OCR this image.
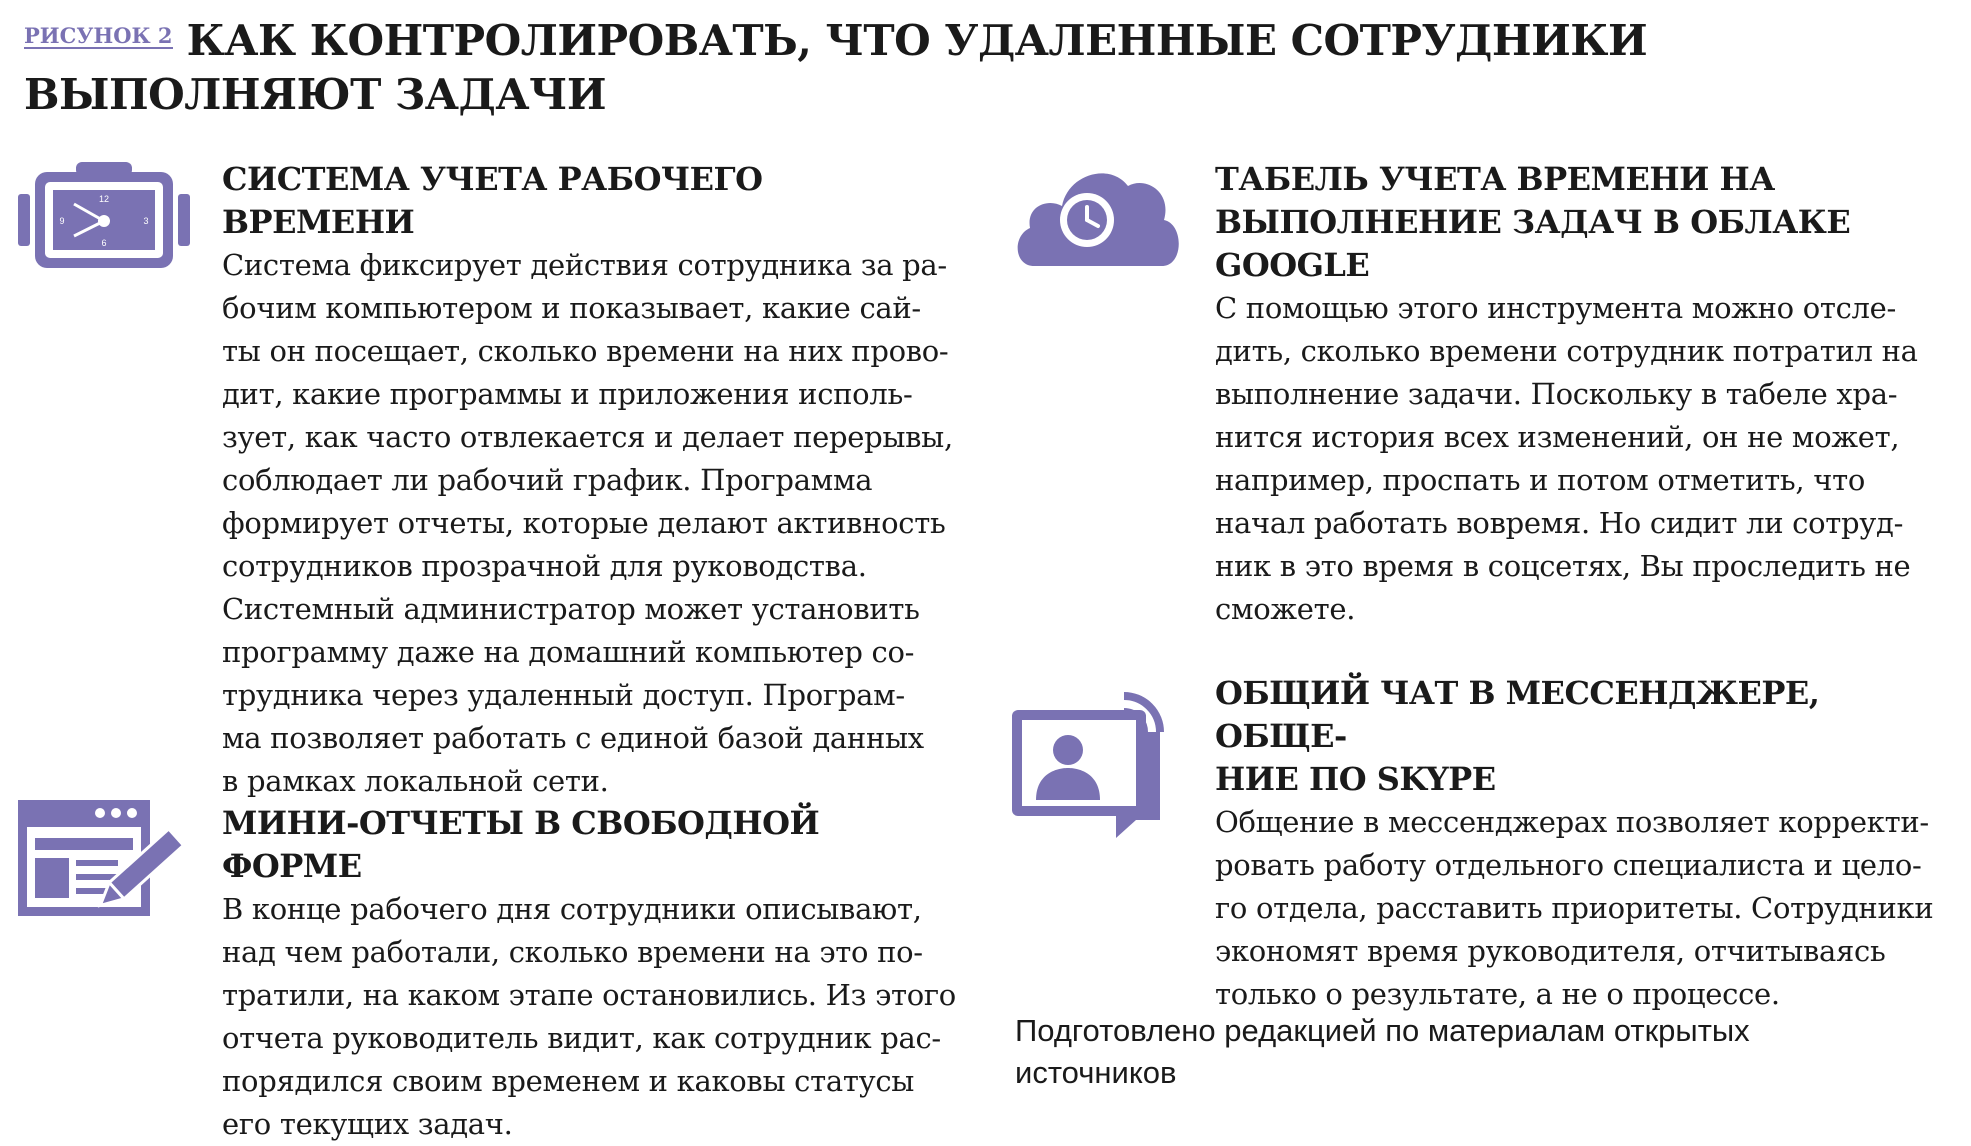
РИСУНОК 2 КАК КОНТРОЛИРОВАТЬ, ЧТО УДАЛЕННЫЕ СОТРУДНИКИ ВЫПОЛНЯЮТ ЗАДАЧИ
12
6
9	3
СИСТЕМА УЧЕТА РАБОЧЕГО ВРЕМЕНИ

Система фиксирует действия сотрудника за ра-
бочим компьютером и показывает, какие сай-
ты он посещает, сколько времени на них прово-
дит, какие программы и приложения исполь-
зует, как часто отвлекается и делает перерывы,
соблюдает ли рабочий график. Программа
формирует отчеты, которые делают активность
сотрудников прозрачной для руководства.
Системный администратор может установить
программу даже на домашний компьютер со-
трудника через удаленный доступ. Програм-
ма позволяет работать с единой базой данных
в рамках локальной сети.

МИНИ-ОТЧЕТЫ В СВОБОДНОЙ ФОРМЕ

В конце рабочего дня сотрудники описывают,
над чем работали, сколько времени на это по-
тратили, на каком этапе остановились. Из этого
отчета руководитель видит, как сотрудник рас-
порядился своим временем и каковы статусы
его текущих задач.

ТАБЕЛЬ УЧЕТА ВРЕМЕНИ НА
ВЫПОЛНЕНИЕ ЗАДАЧ В ОБЛАКЕ
GOOGLE

С помощью этого инструмента можно отсле-
дить, сколько времени сотрудник потратил на
выполнение задачи. Поскольку в табеле хра-
нится история всех изменений, он не может,
например, проспать и потом отметить, что
начал работать вовремя. Но сидит ли сотруд-
ник в это время в соцсетях, Вы проследить не
сможете.

ОБЩИЙ ЧАТ В МЕССЕНДЖЕРЕ, ОБЩЕ-
НИЕ ПО SKYPE

Общение в мессенджерах позволяет корректи-
ровать работу отдельного специалиста и цело-
го отдела, расставить приоритеты. Сотрудники
экономят время руководителя, отчитываясь
только о результате, а не о процессе.

Подготовлено редакцией по материалам открытых
источников
